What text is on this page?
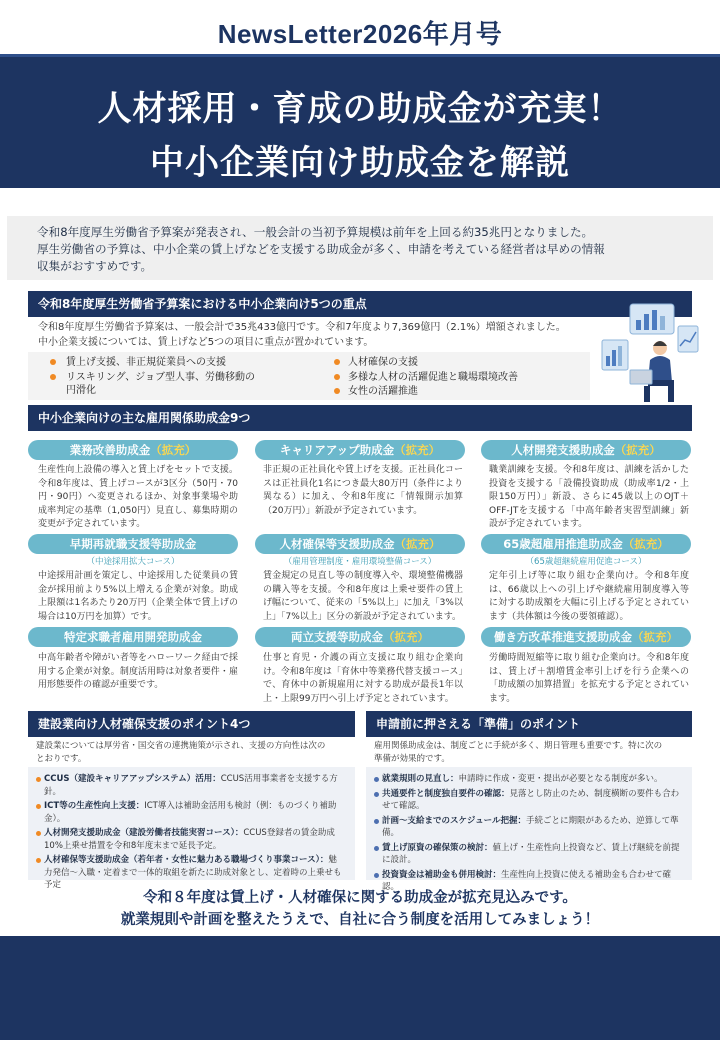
NewsLetter2026年月号
人材採用・育成の助成金が充実！
中小企業向け助成金を解説
令和8年度厚生労働省予算案が発表され、一般会計の当初予算規模は前年を上回る約35兆円となりました。
厚生労働省の予算は、中小企業の賃上げなどを支援する助成金が多く、申請を考えている経営者は早めの情報
収集がおすすめです。
令和8年度厚生労働省予算案における中小企業向け5つの重点
令和8年度厚生労働省予算案は、一般会計で35兆433億円です。令和7年度より7,369億円（2.1%）増額されました。
中小企業支援については、賃上げなど5つの項目に重点が置かれています。
賃上げ支援、非正規従業員への支援
リスキリング、ジョブ型人事、労働移動の
円滑化
人材確保の支援
多様な人材の活躍促進と職場環境改善
女性の活躍推進
中小企業向けの主な雇用関係助成金9つ
業務改善助成金（拡充）
生産性向上設備の導入と賃上げをセットで支援。令和8年度は、賃上げコースが3区分（50円・70円・90円）へ変更されるほか、対象事業場や助成率判定の基準（1,050円）見直し、募集時期の変更が予定されています。
キャリアアップ助成金（拡充）
非正規の正社員化や賃上げを支援。正社員化コースは正社員化1名につき最大80万円（条件により異なる）に加え、令和8年度に「情報開示加算（20万円）」新設が予定されています。
人材開発支援助成金（拡充）
職業訓練を支援。令和8年度は、訓練を活かした投資を支援する「設備投資助成（助成率1/2・上限150万円）」新設、さらに45歳以上のOJT＋OFF-JTを支援する「中高年齢者実習型訓練」新設が予定されています。
早期再就職支援等助成金
（中途採用拡大コース）
中途採用計画を策定し、中途採用した従業員の賃金が採用前より5%以上増える企業が対象。助成上限額は1名あたり20万円（企業全体で賃上げの場合は10万円を加算）です。
人材確保等支援助成金（拡充）
（雇用管理制度・雇用環境整備コース）
賃金規定の見直し等の制度導入や、環境整備機器の購入等を支援。令和8年度は上乗せ要件の賃上げ幅について、従来の「5%以上」に加え「3%以上」「7%以上」区分の新設が予定されています。
65歳超雇用推進助成金（拡充）
（65歳超継続雇用促進コース）
定年引上げ等に取り組む企業向け。令和8年度は、66歳以上への引上げや継続雇用制度導入等に対する助成額を大幅に引上げる予定とされています（共体額は今後の要領確認）。
特定求職者雇用開発助成金
中高年齢者や障がい者等をハローワーク経由で採用する企業が対象。制度活用時は対象者要件・雇用形態要件の確認が重要です。
両立支援等助成金（拡充）
仕事と育児・介護の両立支援に取り組む企業向け。令和8年度は「育休中等業務代替支援コース」で、育休中の新規雇用に対する助成が最長1年以上・上限99万円へ引上げ予定とされています。
働き方改革推進支援助成金（拡充）
労働時間短縮等に取り組む企業向け。令和8年度は、賃上げ＋割増賃金率引上げを行う企業への「助成額の加算措置」を拡充する予定とされています。
建設業向け人材確保支援のポイント4つ
建設業については厚労省・国交省の連携施策が示され、支援の方向性は次の
とおりです。
CCUS（建設キャリアアップシステム）活用：CCUS活用事業者を支援する方針。
ICT等の生産性向上支援：ICT導入は補助金活用も検討（例：ものづくり補助金）。
人材開発支援助成金（建設労働者技能実習コース）：CCUS登録者の賃金助成10%上乗せ措置を令和8年度末まで延長予定。
人材確保等支援助成金（若年者・女性に魅力ある職場づくり事業コース）：魅力発信～入職・定着まで一体的取組を新たに助成対象とし、定着時の上乗せも予定
申請前に押さえる「準備」のポイント
雇用関係助成金は、制度ごとに手続が多く、期日管理も重要です。特に次の
準備が効果的です。
就業規則の見直し：申請時に作成・変更・提出が必要となる制度が多い。
共通要件と制度独自要件の確認：見落とし防止のため、制度横断の要件も合わせて確認。
計画～支給までのスケジュール把握：手続ごとに期限があるため、逆算して準備。
賃上げ原資の確保策の検討：値上げ・生産性向上投資など、賃上げ継続を前提に設計。
投資資金は補助金も併用検討：生産性向上投資に使える補助金も合わせて確認。
令和８年度は賃上げ・人材確保に関する助成金が拡充見込みです。
就業規則や計画を整えたうえで、自社に合う制度を活用してみましょう！
